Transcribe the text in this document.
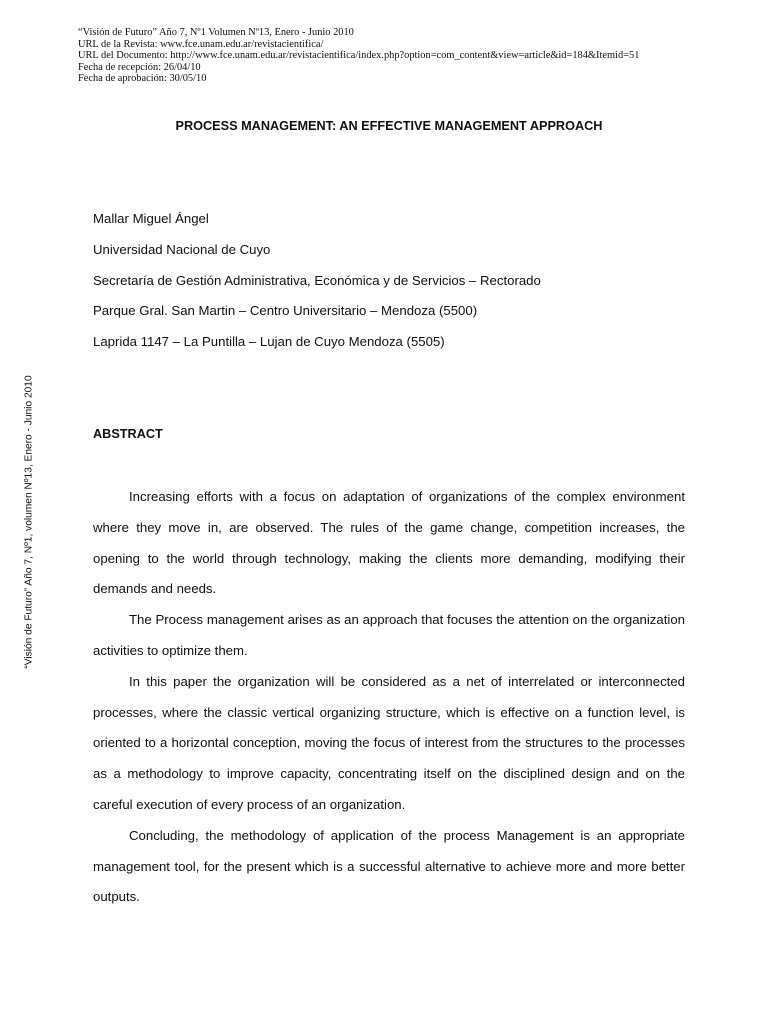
“Visión de Futuro” Año 7, Nº1 Volumen Nº13, Enero - Junio 2010
URL de la Revista: www.fce.unam.edu.ar/revistacientifica/
URL del Documento: http://www.fce.unam.edu.ar/revistacientifica/index.php?option=com_content&view=article&id=184&Itemid=51
Fecha de recepción: 26/04/10
Fecha de aprobación: 30/05/10
“Visión de Futuro” Año 7, Nº1, volumen Nº13, Enero - Junio 2010
PROCESS MANAGEMENT: AN EFFECTIVE MANAGEMENT APPROACH
Mallar Miguel Ángel
Universidad Nacional de Cuyo
Secretaría de Gestión Administrativa, Económica y de Servicios – Rectorado
Parque Gral. San Martin – Centro Universitario – Mendoza (5500)
Laprida 1147 – La Puntilla – Lujan de Cuyo Mendoza (5505)
ABSTRACT

Increasing efforts with a focus on adaptation of organizations of the complex environment where they move in, are observed. The rules of the game change, competition increases, the opening to the world through technology, making the clients more demanding, modifying their demands and needs.

The Process management arises as an approach that focuses the attention on the organization activities to optimize them.

In this paper the organization will be considered as a net of interrelated or interconnected processes, where the classic vertical organizing structure, which is effective on a function level, is oriented to a horizontal conception, moving the focus of interest from the structures to the processes as a methodology to improve capacity, concentrating itself on the disciplined design and on the careful execution of every process of an organization.

Concluding, the methodology of application of the process Management is an appropriate management tool, for the present which is a successful alternative to achieve more and more better outputs.
